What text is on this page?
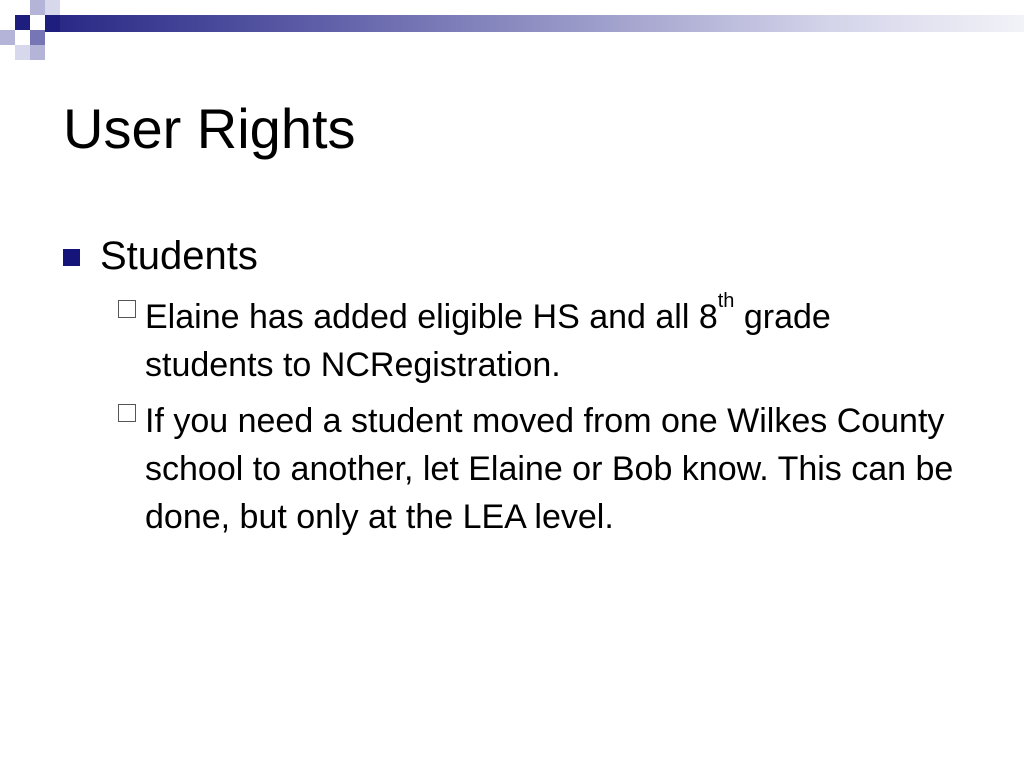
User Rights
Students
Elaine has added eligible HS and all 8th grade students to NCRegistration.
If you need a student moved from one Wilkes County school to another, let Elaine or Bob know. This can be done, but only at the LEA level.
